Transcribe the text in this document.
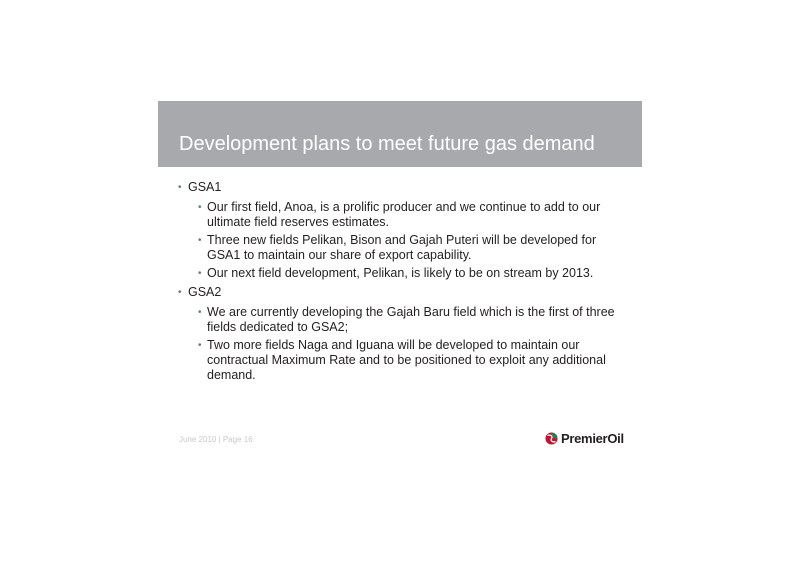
Development plans to meet future gas demand
• GSA1
• Our first field, Anoa, is a prolific producer and we continue to add to our ultimate field reserves estimates.
• Three new fields Pelikan, Bison and Gajah Puteri will be developed for GSA1 to maintain our share of export capability.
• Our next field development, Pelikan, is likely to be on stream by 2013.
• GSA2
• We are currently developing the Gajah Baru field which is the first of three fields dedicated to GSA2;
• Two more fields Naga and Iguana will be developed to maintain our contractual Maximum Rate and to be positioned to exploit any additional demand.
June 2010 | Page 16	PremierOil
